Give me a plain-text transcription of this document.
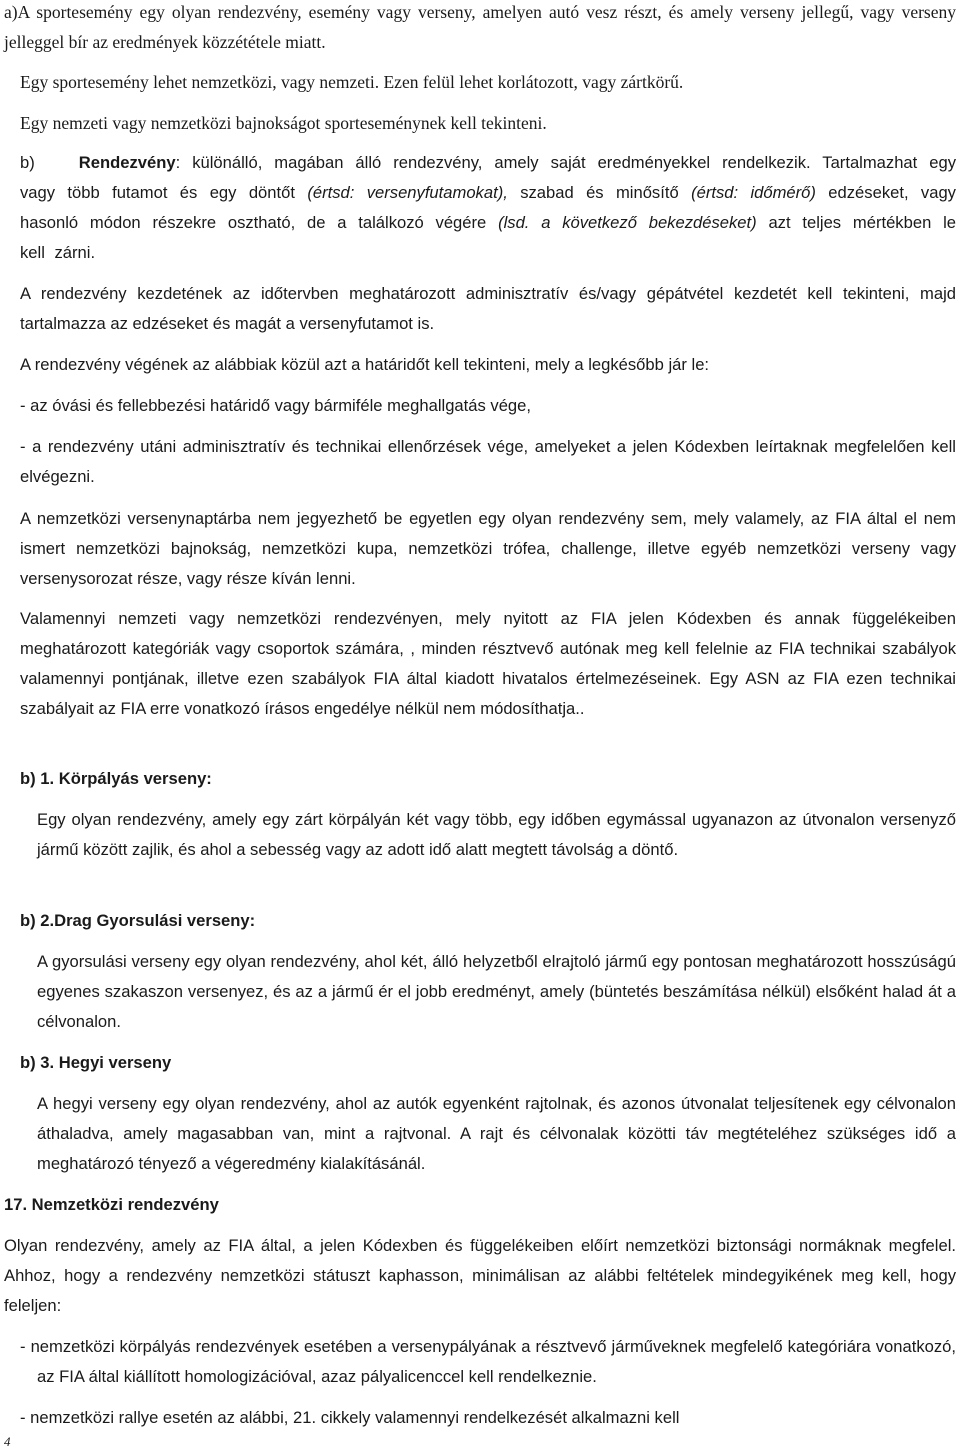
a)A sportesemény egy olyan rendezvény, esemény vagy verseny, amelyen autó vesz részt, és amely verseny jellegű, vagy verseny jelleggel bír az eredmények közzététele miatt.

Egy sportesemény lehet nemzetközi, vagy nemzeti. Ezen felül lehet korlátozott, vagy zártkörű.
Egy nemzeti vagy nemzetközi bajnokságot sporteseménynek kell tekinteni.

b)	Rendezvény: különálló, magában álló rendezvény, amely saját eredményekkel rendelkezik. Tartalmazhat egy vagy több futamot és egy döntőt (értsd: versenyfutamokat), szabad és minősítő (értsd: időmérő) edzéseket, vagy hasonló módon részekre osztható, de a találkozó végére (lsd. a következő bekezdéseket) azt teljes mértékben le kell zárni.

A rendezvény kezdetének az időtervben meghatározott adminisztratív és/vagy gépátvétel kezdetét kell tekinteni, majd tartalmazza az edzéseket és magát a versenyfutamot is.

A rendezvény végének az alábbiak közül azt a határidőt kell tekinteni, mely a legkésőbb jár le:
- az óvási és fellebbezési határidő vagy bármiféle meghallgatás vége,

- a rendezvény utáni adminisztratív és technikai ellenőrzések vége, amelyeket a jelen Kódexben leírtaknak megfelelően kell elvégezni.

A nemzetközi versenynaptárba nem jegyezhető be egyetlen egy olyan rendezvény sem, mely valamely, az FIA által el nem ismert nemzetközi bajnokság, nemzetközi kupa, nemzetközi trófea, challenge, illetve egyéb nemzetközi verseny vagy versenysorozat része, vagy része kíván lenni.

Valamennyi nemzeti vagy nemzetközi rendezvényen, mely nyitott az FIA jelen Kódexben és annak függelékeiben meghatározott kategóriák vagy csoportok számára, , minden résztvevő autónak meg kell felelnie az FIA technikai szabályok valamennyi pontjának, illetve ezen szabályok FIA által kiadott hivatalos értelmezéseinek. Egy ASN az FIA ezen technikai szabályait az FIA erre vonatkozó írásos engedélye nélkül nem módosíthatja..

b) 1. Körpályás verseny:

Egy olyan rendezvény, amely egy zárt körpályán két vagy több, egy időben egymással ugyanazon az útvonalon versenyző jármű között zajlik, és ahol a sebesség vagy az adott idő alatt megtett távolság a döntő.

b) 2.Drag Gyorsulási verseny:

A gyorsulási verseny egy olyan rendezvény, ahol két, álló helyzetből elrajtoló jármű egy pontosan meghatározott hosszúságú egyenes szakaszon versenyez, és az a jármű ér el jobb eredményt, amely (büntetés beszámítása nélkül) elsőként halad át a célvonalon.

b) 3. Hegyi verseny

A hegyi verseny egy olyan rendezvény, ahol az autók egyenként rajtolnak, és azonos útvonalat teljesítenek egy célvonalon áthaladva, amely magasabban van, mint a rajtvonal. A rajt és célvonalak közötti táv megtételéhez szükséges idő a meghatározó tényező a végeredmény kialakításánál.

17. Nemzetközi rendezvény

Olyan rendezvény, amely az FIA által, a jelen Kódexben és függelékeiben előírt nemzetközi biztonsági normáknak megfelel. Ahhoz, hogy a rendezvény nemzetközi státuszt kaphasson, minimálisan az alábbi feltételek mindegyikének meg kell, hogy feleljen:

- nemzetközi körpályás rendezvények esetében a versenypályának a résztvevő járműveknek megfelelő kategóriára vonatkozó, az FIA által kiállított homologizációval, azaz pályalicenccel kell rendelkeznie.

- nemzetközi rallye esetén az alábbi, 21. cikkely valamennyi rendelkezését alkalmazni kell
4
